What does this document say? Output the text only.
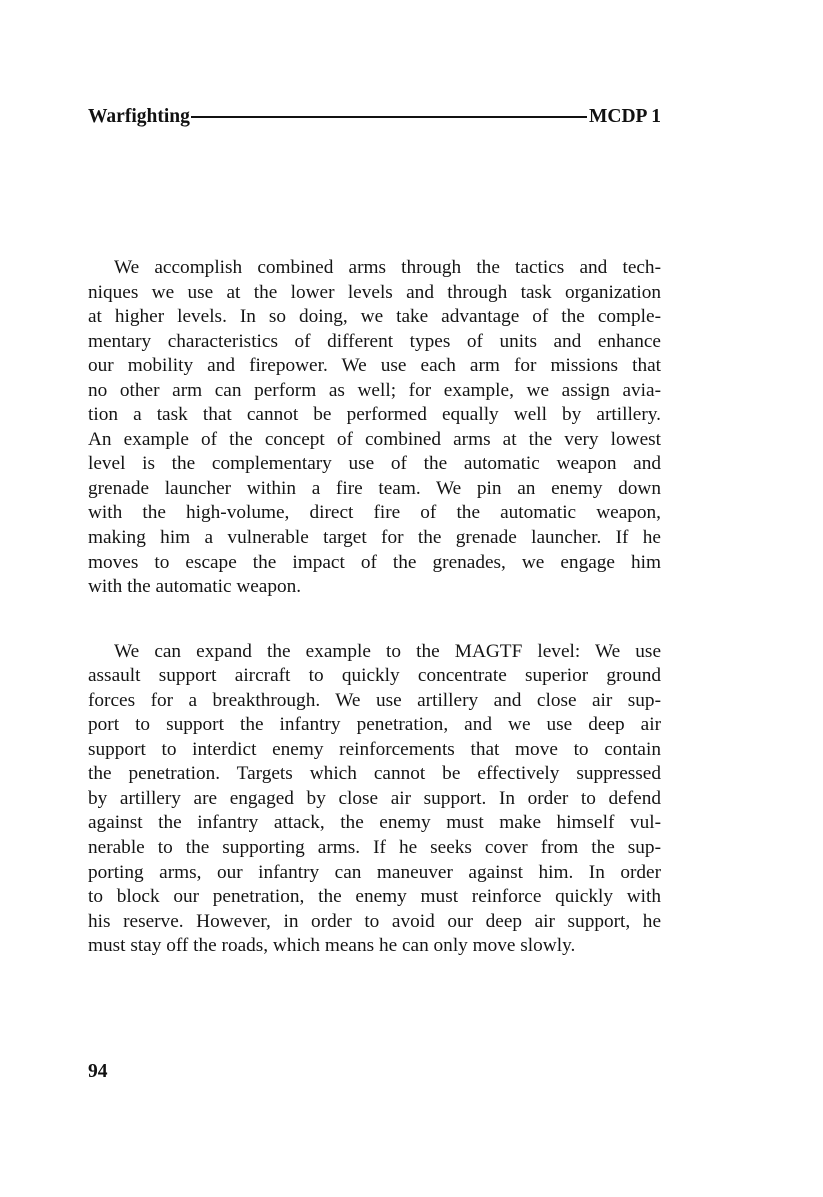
Warfighting	MCDP 1

We accomplish combined arms through the tactics and tech-
niques we use at the lower levels and through task organization
at higher levels. In so doing, we take advantage of the comple-
mentary characteristics of different types of units and enhance
our mobility and firepower. We use each arm for missions that
no other arm can perform as well; for example, we assign avia-
tion a task that cannot be performed equally well by artillery.
An example of the concept of combined arms at the very lowest
level is the complementary use of the automatic weapon and
grenade launcher within a fire team. We pin an enemy down
with the high-volume, direct fire of the automatic weapon,
making him a vulnerable target for the grenade launcher. If he
moves to escape the impact of the grenades, we engage him
with the automatic weapon.

We can expand the example to the MAGTF level: We use
assault support aircraft to quickly concentrate superior ground
forces for a breakthrough. We use artillery and close air sup-
port to support the infantry penetration, and we use deep air
support to interdict enemy reinforcements that move to contain
the penetration. Targets which cannot be effectively suppressed
by artillery are engaged by close air support. In order to defend
against the infantry attack, the enemy must make himself vul-
nerable to the supporting arms. If he seeks cover from the sup-
porting arms, our infantry can maneuver against him. In order
to block our penetration, the enemy must reinforce quickly with
his reserve. However, in order to avoid our deep air support, he
must stay off the roads, which means he can only move slowly.

94
